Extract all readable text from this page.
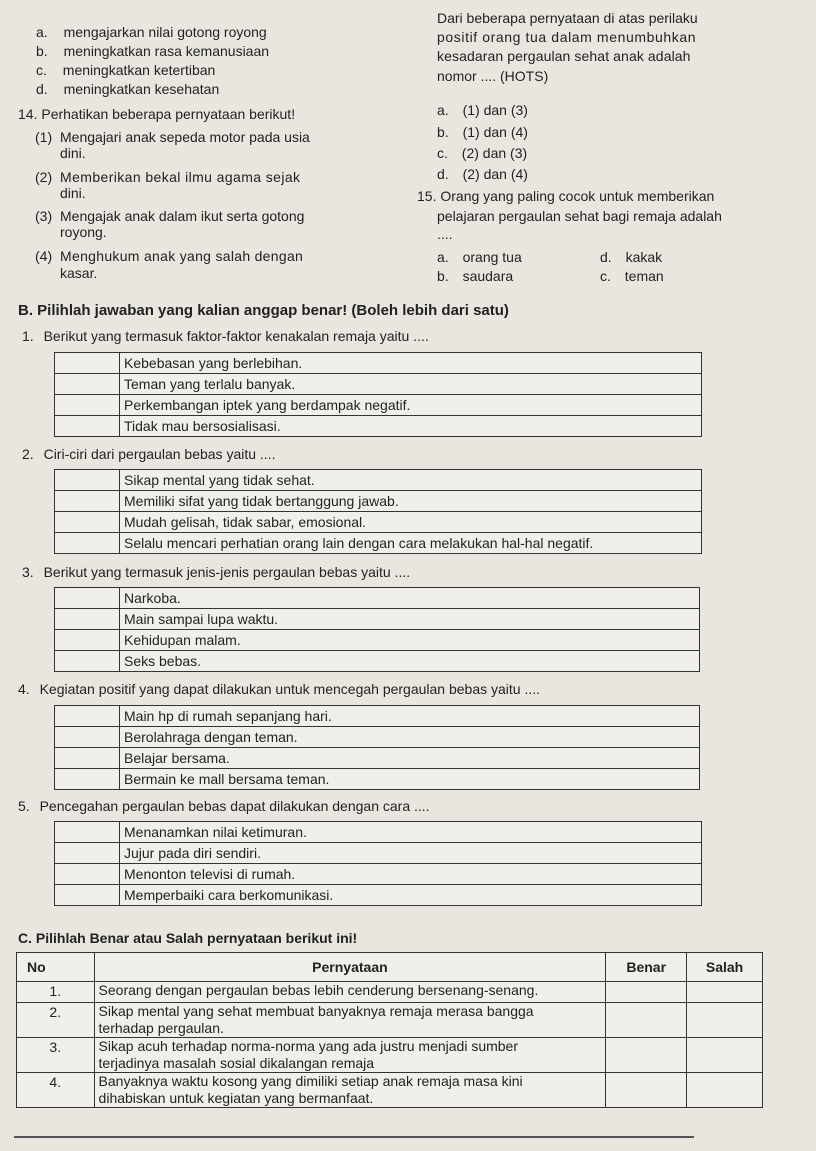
a. mengajarkan nilai gotong royong
b. meningkatkan rasa kemanusiaan
c. meningkatkan ketertiban
d. meningkatkan kesehatan
14. Perhatikan beberapa pernyataan berikut!
(1) Mengajari anak sepeda motor pada usia
dini.
(2) Memberikan bekal ilmu agama sejak
dini.
(3) Mengajak anak dalam ikut serta gotong
royong.
(4) Menghukum anak yang salah dengan
kasar.
Dari beberapa pernyataan di atas perilaku
positif orang tua dalam menumbuhkan
kesadaran pergaulan sehat anak adalah
nomor .... (HOTS)
a. (1) dan (3)
b. (1) dan (4)
c. (2) dan (3)
d. (2) dan (4)
15. Orang yang paling cocok untuk memberikan
pelajaran pergaulan sehat bagi remaja adalah
....
a. orang tua
b. saudara	c. teman
d. kakak
B. Pilihlah jawaban yang kalian anggap benar! (Boleh lebih dari satu)
1. Berikut yang termasuk faktor-faktor kenakalan remaja yaitu ....
	Kebebasan yang berlebihan.
	Teman yang terlalu banyak.
	Perkembangan iptek yang berdampak negatif.
	Tidak mau bersosialisasi.
2. Ciri-ciri dari pergaulan bebas yaitu ....
	Sikap mental yang tidak sehat.
	Memiliki sifat yang tidak bertanggung jawab.
	Mudah gelisah, tidak sabar, emosional.
	Selalu mencari perhatian orang lain dengan cara melakukan hal-hal negatif.
3. Berikut yang termasuk jenis-jenis pergaulan bebas yaitu ....
	Narkoba.
	Main sampai lupa waktu.
	Kehidupan malam.
	Seks bebas.
4. Kegiatan positif yang dapat dilakukan untuk mencegah pergaulan bebas yaitu ....
	Main hp di rumah sepanjang hari.
	Berolahraga dengan teman.
	Belajar bersama.
	Bermain ke mall bersama teman.
5. Pencegahan pergaulan bebas dapat dilakukan dengan cara ....
	Menanamkan nilai ketimuran.
	Jujur pada diri sendiri.
	Menonton televisi di rumah.
	Memperbaiki cara berkomunikasi.
C. Pilihlah Benar atau Salah pernyataan berikut ini!
No	Pernyataan	Benar	Salah
1.	Seorang dengan pergaulan bebas lebih cenderung bersenang-senang.		

2.	Sikap mental yang sehat membuat banyaknya remaja merasa bangga
terhadap pergaulan.		

3.	Sikap acuh terhadap norma-norma yang ada justru menjadi sumber
terjadinya masalah sosial dikalangan remaja		

4.	Banyaknya waktu kosong yang dimiliki setiap anak remaja masa kini
dihabiskan untuk kegiatan yang bermanfaat.		
